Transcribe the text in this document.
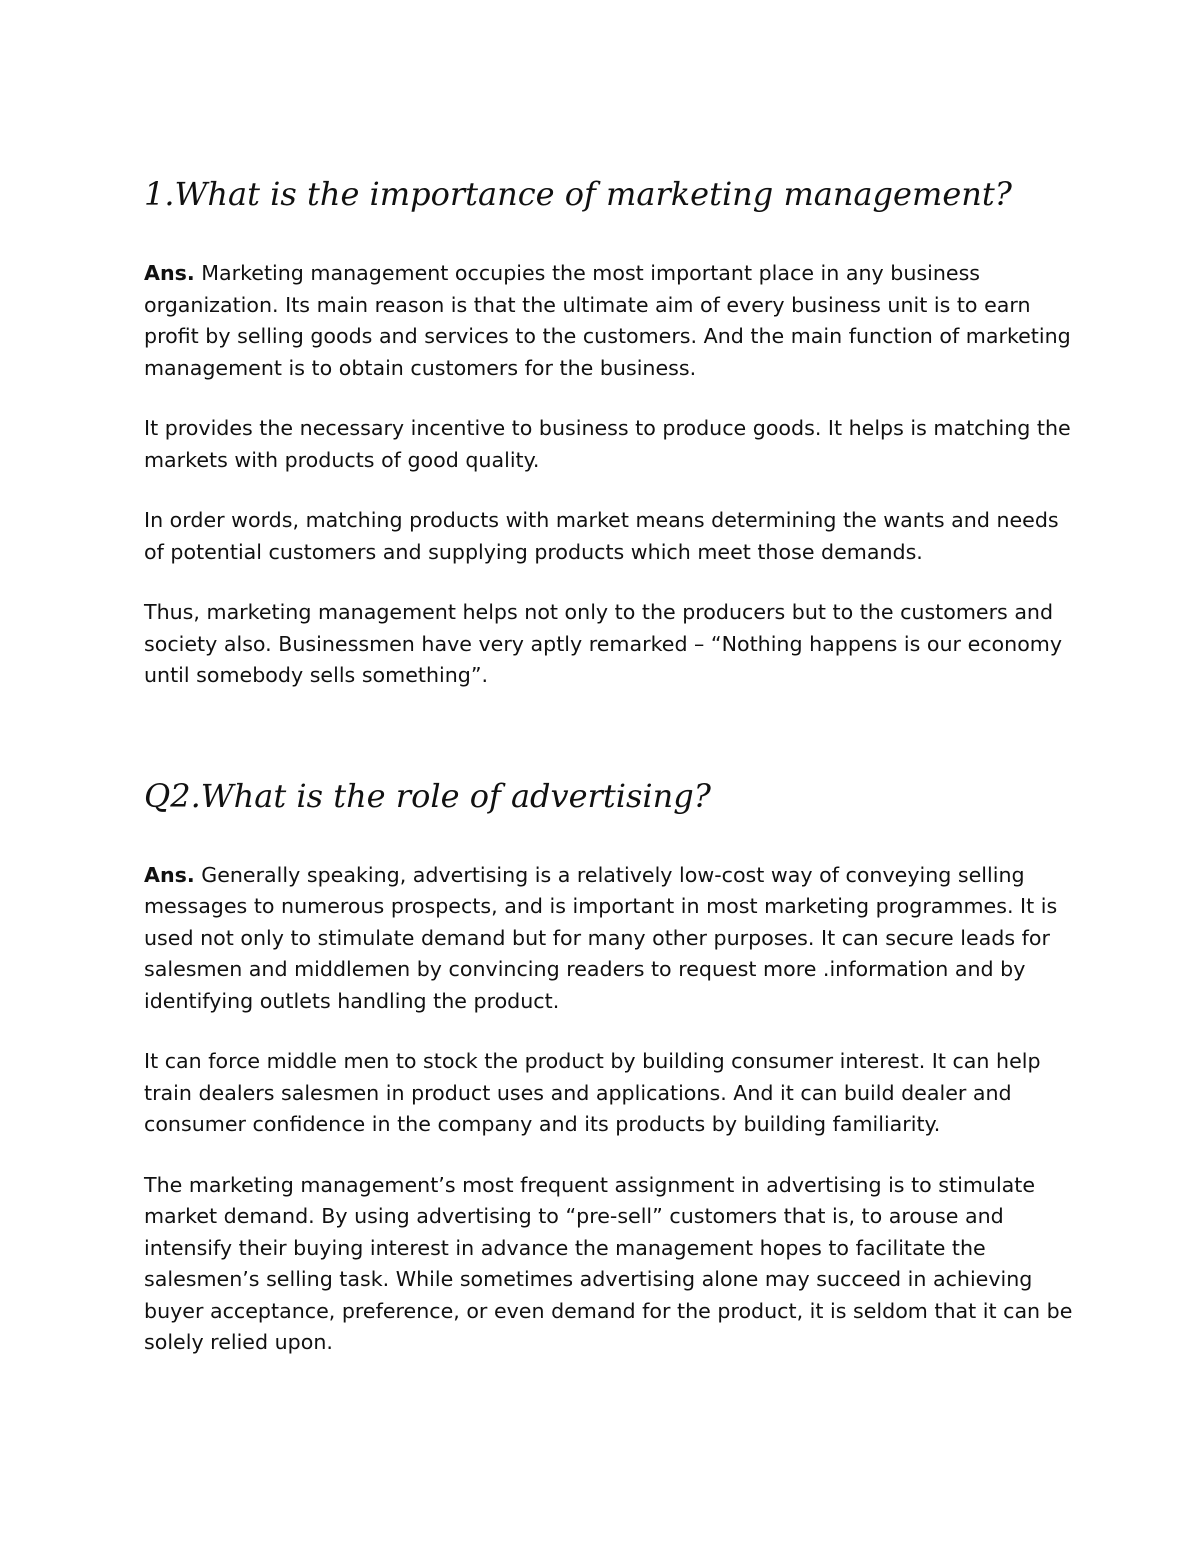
1.What is the importance of marketing management?

Ans. Marketing management occupies the most important place in any business organization. Its main reason is that the ultimate aim of every business unit is to earn profit by selling goods and services to the customers. And the main function of marketing management is to obtain customers for the business.

It provides the necessary incentive to business to produce goods. It helps is matching the markets with products of good quality.

In order words, matching products with market means determining the wants and needs of potential customers and supplying products which meet those demands.

Thus, marketing management helps not only to the producers but to the customers and society also. Businessmen have very aptly remarked – “Nothing happens is our economy until somebody sells something”.

Q2.What is the role of advertising?

Ans. Generally speaking, advertising is a relatively low-cost way of conveying selling messages to numerous prospects, and is important in most marketing programmes. It is used not only to stimulate demand but for many other purposes. It can secure leads for salesmen and middlemen by convincing readers to request more .information and by identifying outlets handling the product.

It can force middle men to stock the product by building consumer interest. It can help train dealers salesmen in product uses and applications. And it can build dealer and consumer confidence in the company and its products by building familiarity.

The marketing management’s most frequent assignment in advertising is to stimulate market demand. By using advertising to “pre-sell” customers that is, to arouse and intensify their buying interest in advance the management hopes to facilitate the salesmen’s selling task. While sometimes advertising alone may succeed in achieving buyer acceptance, preference, or even demand for the product, it is seldom that it can be solely relied upon.
